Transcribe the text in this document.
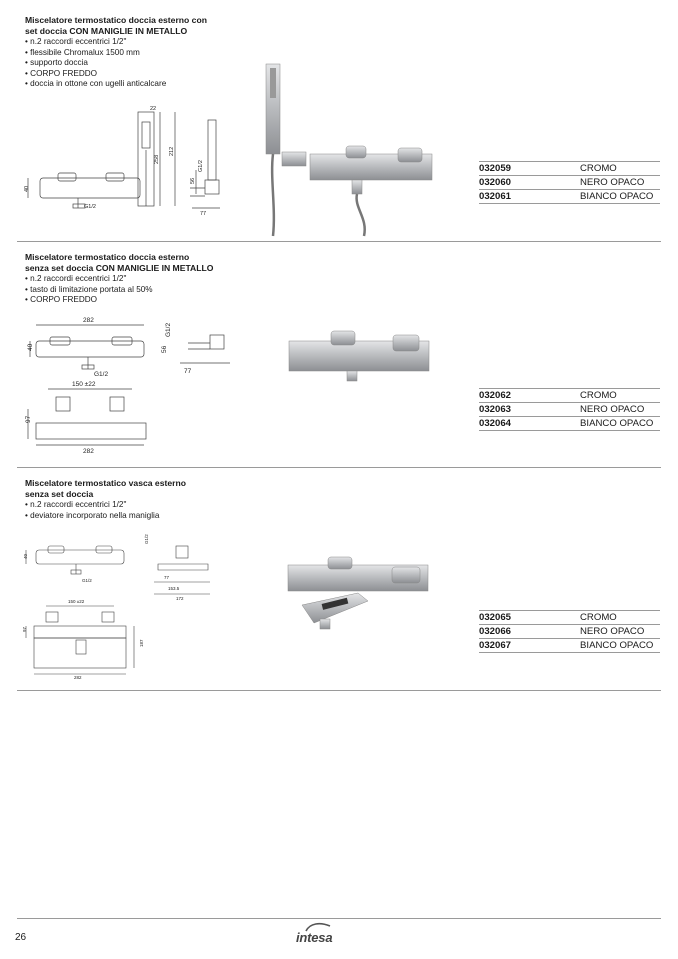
Miscelatore termostatico doccia esterno con
set doccia CON MANIGLIE IN METALLO
• n.2 raccordi eccentrici 1/2"
• flessibile Chromalux 1500 mm
• supporto doccia
• CORPO FREDDO
• doccia in ottone con ugelli anticalcare
40
G1/2
22
258
212
56
77
G1/2	032059	CROMO
032060	NERO OPACO
032061	BIANCO OPACO
Miscelatore termostatico doccia esterno
senza set doccia CON MANIGLIE IN METALLO
• n.2 raccordi eccentrici 1/2"
• tasto di limitazione portata al 50%
• CORPO FREDDO
282
40
G1/2
G1/2
56
77
150 ±22
97
282
032062	CROMO
032063	NERO OPACO
032064	BIANCO OPACO
Miscelatore termostatico vasca esterno
senza set doccia
• n.2 raccordi eccentrici 1/2"
• deviatore incorporato nella maniglia
40
G1/2
G1/2
77
153.5
172
150 ±22
97
187
282
032065	CROMO
032066	NERO OPACO
032067	BIANCO OPACO
26	intesa
